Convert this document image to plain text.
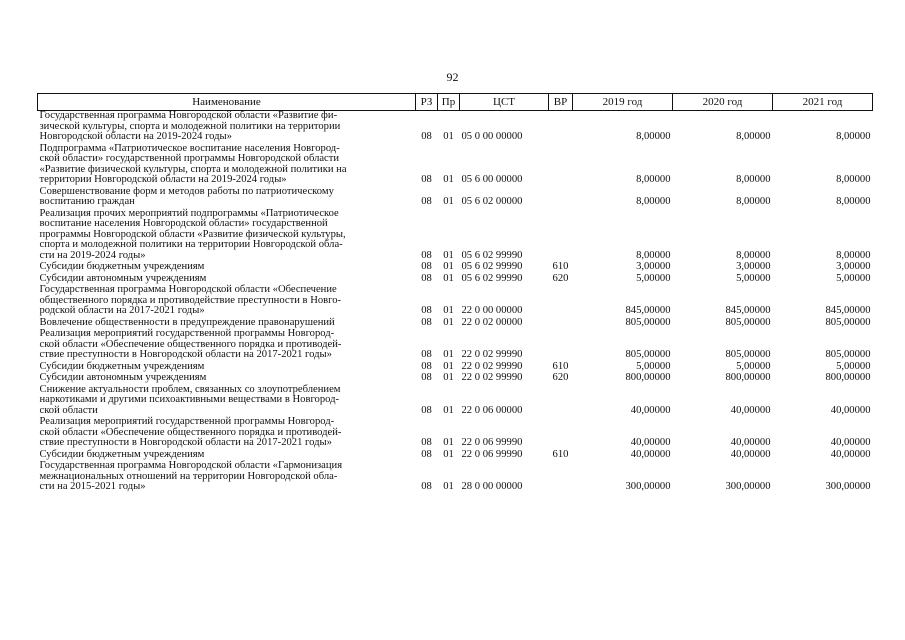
92
Наименование	РЗ	Пр	ЦСТ	ВР	2019 год	2020 год	2021 год
Государственная программа Новгородской области «Развитие фи-
зической культуры, спорта и молодежной политики на территории
Новгородской области на 2019-2024 годы»	08	01	05 0 00 00000		8,00000	8,00000	8,00000
Подпрограмма «Патриотическое воспитание населения Новгород-
ской области» государственной программы Новгородской области
«Развитие физической культуры, спорта и молодежной политики на
территории Новгородской области на 2019-2024 годы»	08	01	05 6 00 00000		8,00000	8,00000	8,00000
Совершенствование форм и методов работы по патриотическому
воспитанию граждан	08	01	05 6 02 00000		8,00000	8,00000	8,00000
Реализация прочих мероприятий подпрограммы «Патриотическое
воспитание населения Новгородской области» государственной
программы Новгородской области «Развитие физической культуры,
спорта и молодежной политики на территории Новгородской обла-
сти на 2019-2024 годы»	08	01	05 6 02 99990		8,00000	8,00000	8,00000
Субсидии бюджетным учреждениям	08	01	05 6 02 99990	610	3,00000	3,00000	3,00000
Субсидии автономным учреждениям	08	01	05 6 02 99990	620	5,00000	5,00000	5,00000
Государственная программа Новгородской области «Обеспечение
общественного порядка и противодействие преступности в Новго-
родской области на 2017-2021 годы»	08	01	22 0 00 00000		845,00000	845,00000	845,00000
Вовлечение общественности в предупреждение правонарушений	08	01	22 0 02 00000		805,00000	805,00000	805,00000
Реализация мероприятий государственной программы Новгород-
ской области «Обеспечение общественного порядка и противодей-
ствие преступности в Новгородской области на 2017-2021 годы»	08	01	22 0 02 99990		805,00000	805,00000	805,00000
Субсидии бюджетным учреждениям	08	01	22 0 02 99990	610	5,00000	5,00000	5,00000
Субсидии автономным учреждениям	08	01	22 0 02 99990	620	800,00000	800,00000	800,00000
Снижение актуальности проблем, связанных со злоупотреблением
наркотиками и другими психоактивными веществами в Новгород-
ской области	08	01	22 0 06 00000		40,00000	40,00000	40,00000
Реализация мероприятий государственной программы Новгород-
ской области «Обеспечение общественного порядка и противодей-
ствие преступности в Новгородской области на 2017-2021 годы»	08	01	22 0 06 99990		40,00000	40,00000	40,00000
Субсидии бюджетным учреждениям	08	01	22 0 06 99990	610	40,00000	40,00000	40,00000
Государственная программа Новгородской области «Гармонизация
межнациональных отношений на территории Новгородской обла-
сти на 2015-2021 годы»	08	01	28 0 00 00000		300,00000	300,00000	300,00000
